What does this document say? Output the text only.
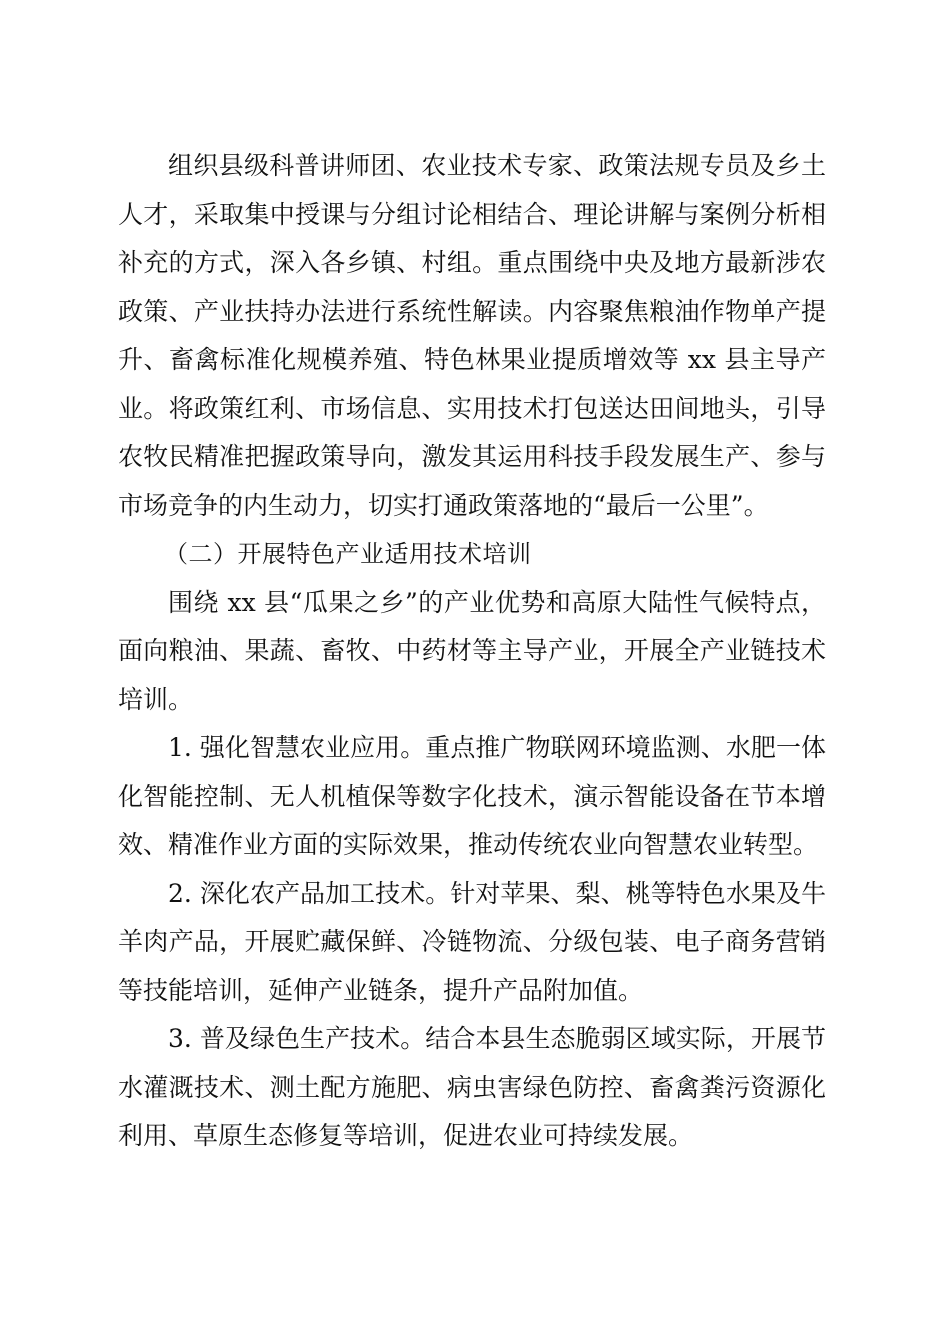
组织县级科普讲师团、农业技术专家、政策法规专员及乡土人才，采取集中授课与分组讨论相结合、理论讲解与案例分析相补充的方式，深入各乡镇、村组。重点围绕中央及地方最新涉农政策、产业扶持办法进行系统性解读。内容聚焦粮油作物单产提升、畜禽标准化规模养殖、特色林果业提质增效等 xx 县主导产业。将政策红利、市场信息、实用技术打包送达田间地头，引导农牧民精准把握政策导向，激发其运用科技手段发展生产、参与市场竞争的内生动力，切实打通政策落地的“最后一公里”。

（二）开展特色产业适用技术培训

围绕 xx 县“瓜果之乡”的产业优势和高原大陆性气候特点，面向粮油、果蔬、畜牧、中药材等主导产业，开展全产业链技术培训。

1. 强化智慧农业应用。重点推广物联网环境监测、水肥一体化智能控制、无人机植保等数字化技术，演示智能设备在节本增效、精准作业方面的实际效果，推动传统农业向智慧农业转型。

2. 深化农产品加工技术。针对苹果、梨、桃等特色水果及牛羊肉产品，开展贮藏保鲜、冷链物流、分级包装、电子商务营销等技能培训，延伸产业链条，提升产品附加值。

3. 普及绿色生产技术。结合本县生态脆弱区域实际，开展节水灌溉技术、测土配方施肥、病虫害绿色防控、畜禽粪污资源化利用、草原生态修复等培训，促进农业可持续发展。
